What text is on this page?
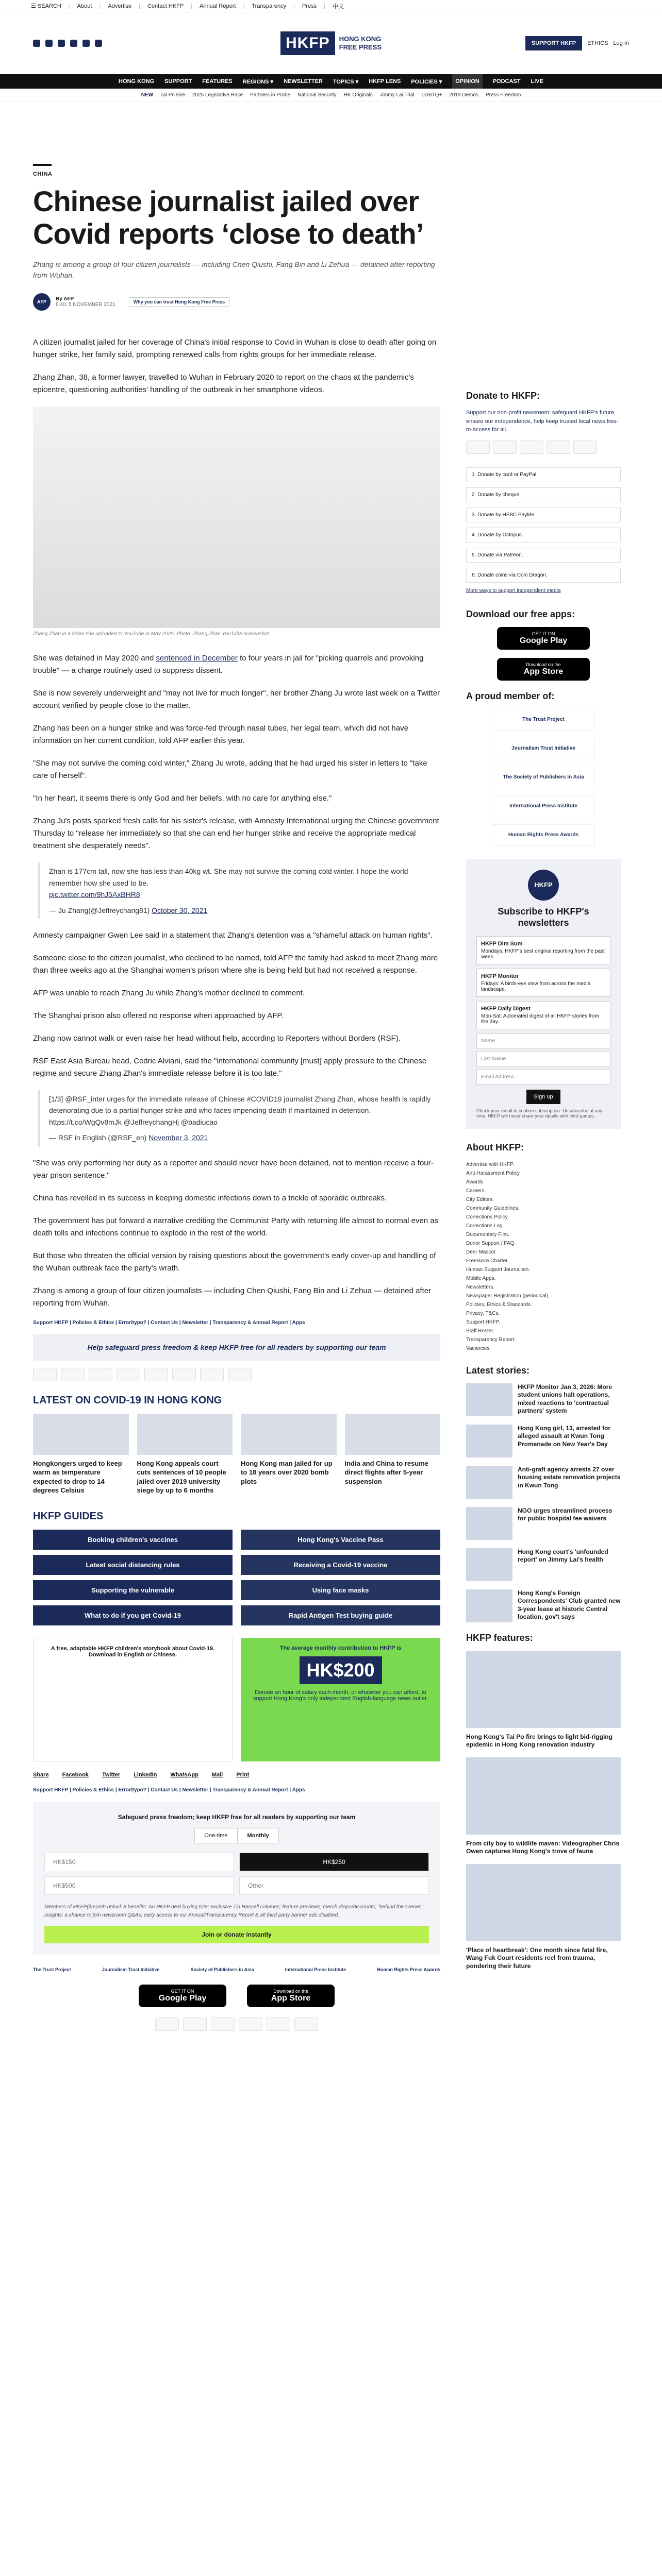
☰ SEARCH | About | Advertise | Contact HKFP | Annual Report | Transparency | Press | 中文
HKFP	HONG KONG
FREE PRESS	SUPPORT HKFP	ETHICS Log In
HONG KONG SUPPORT FEATURES REGIONS ▾ NEWSLETTER TOPICS ▾ HKFP LENS POLICIES ▾	OPINION	PODCAST LIVE
NEW Tai Po Fire 2025 Legislative Race Partners in Probe National Security HK Originals Jimmy Lai Trial LGBTQ+ 2019 Demos Press Freedom
CHINA
Chinese journalist jailed over Covid reports ‘close to death’

Zhang is among a group of four citizen journalists — including Chen Qiushi, Fang Bin and Li Zehua — detained after reporting from Wuhan.

AFP	By AFP
8:40, 5 NOVEMBER 2021	Why you can trust Hong Kong Free Press

A citizen journalist jailed for her coverage of China's initial response to Covid in Wuhan is close to death after going on hunger strike, her family said, prompting renewed calls from rights groups for her immediate release.

Zhang Zhan, 38, a former lawyer, travelled to Wuhan in February 2020 to report on the chaos at the pandemic's epicentre, questioning authorities' handling of the outbreak in her smartphone videos.

Zhang Zhan in a video she uploaded to YouTube in May 2020. Photo: Zhang Zhan YouTube screenshot.

She was detained in May 2020 and sentenced in December to four years in jail for "picking quarrels and provoking trouble" — a charge routinely used to suppress dissent.

She is now severely underweight and "may not live for much longer", her brother Zhang Ju wrote last week on a Twitter account verified by people close to the matter.

Zhang has been on a hunger strike and was force-fed through nasal tubes, her legal team, which did not have information on her current condition, told AFP earlier this year.

"She may not survive the coming cold winter," Zhang Ju wrote, adding that he had urged his sister in letters to "take care of herself".

"In her heart, it seems there is only God and her beliefs, with no care for anything else."

Zhang Ju's posts sparked fresh calls for his sister's release, with Amnesty International urging the Chinese government Thursday to "release her immediately so that she can end her hunger strike and receive the appropriate medical treatment she desperately needs".

Zhan is 177cm tall, now she has less than 40kg wt. She may not survive the coming cold winter. I hope the world remember how she used to be.
pic.twitter.com/9hJ5AxBHR8
— Ju Zhang(@Jeffreychang81) October 30, 2021

Amnesty campaigner Gwen Lee said in a statement that Zhang's detention was a "shameful attack on human rights".

Someone close to the citizen journalist, who declined to be named, told AFP the family had asked to meet Zhang more than three weeks ago at the Shanghai women's prison where she is being held but had not received a response.

AFP was unable to reach Zhang Ju while Zhang's mother declined to comment.

The Shanghai prison also offered no response when approached by AFP.

Zhang now cannot walk or even raise her head without help, according to Reporters without Borders (RSF).

RSF East Asia Bureau head, Cedric Alviani, said the "international community [must] apply pressure to the Chinese regime and secure Zhang Zhan's immediate release before it is too late."

[1/3] @RSF_inter urges for the immediate release of Chinese #COVID19 journalist Zhang Zhan, whose health is rapidly deteriorating due to a partial hunger strike and who faces impending death if maintained in detention. https://t.co/WgQv8mJk @JeffreychangHj @badiucao
— RSF in English (@RSF_en) November 3, 2021

"She was only performing her duty as a reporter and should never have been detained, not to mention receive a four-year prison sentence."

China has revelled in its success in keeping domestic infections down to a trickle of sporadic outbreaks.

The government has put forward a narrative crediting the Communist Party with returning life almost to normal even as death tolls and infections continue to explode in the rest of the world.

But those who threaten the official version by raising questions about the government's early cover-up and handling of the Wuhan outbreak face the party's wrath.

Zhang is among a group of four citizen journalists — including Chen Qiushi, Fang Bin and Li Zehua — detained after reporting from Wuhan.

Support HKFP | Policies & Ethics | Error/typo? | Contact Us | Newsletter | Transparency & Annual Report | Apps
Help safeguard press freedom & keep HKFP free for all readers by supporting our team
LATEST ON COVID-19 IN HONG KONG
Hongkongers urged to keep warm as temperature expected to drop to 14 degrees Celsius
Hong Kong appeals court cuts sentences of 10 people jailed over 2019 university siege by up to 6 months
Hong Kong man jailed for up to 18 years over 2020 bomb plots
India and China to resume direct flights after 5-year suspension
HKFP GUIDES
Booking children's vaccines	Hong Kong's Vaccine Pass
Latest social distancing rules	Receiving a Covid-19 vaccine
Supporting the vulnerable	Using face masks
What to do if you get Covid-19	Rapid Antigen Test buying guide
A free, adaptable HKFP children's storybook about Covid-19. Download in English or Chinese.
The average monthly contribution to HKFP is
HK$200
Donate an hour of salary each month, or whatever you can afford, to support Hong Kong's only independent English-language news outlet.
Share Facebook Twitter LinkedIn WhatsApp Mail Print
Support HKFP | Policies & Ethics | Error/typo? | Contact Us | Newsletter | Transparency & Annual Report | Apps
Safeguard press freedom; keep HKFP free for all readers by supporting our team
One-time	Monthly
HK$150	HK$250
HK$500	Other
Members of HKFP($month unlock 8 benefits: An HKFP deal buying tote; exclusive Tin Hansell columns; feature previews; merch drops/discounts; "behind the scenes" insights; a chance to join newsroom Q&As; early access to our Annual/Transparency Report & all third-party banner ads disabled.
Join or donate instantly
The Trust Project	Journalism Trust Initiative	Society of Publishers in Asia	International Press Institute	Human Rights Press Awards
GET IT ON
Google Play
Download on the
App Store
Donate to HKFP:
Support our non-profit newsroom: safeguard HKFP's future, ensure our independence, help keep trusted local news free-to-access for all.
1. Donate by card or PayPal.
2. Donate by cheque.
3. Donate by HSBC PayMe.
4. Donate by Octopus.
5. Donate via Patreon.
6. Donate coins via Coin Dragon.
More ways to support independent media
Download our free apps:
GET IT ON
Google Play
Download on the
App Store
A proud member of:
The Trust Project
Journalism Trust Initiative
The Society of Publishers in Asia
International Press Institute
Human Rights Press Awards
HKFP
Subscribe to HKFP's newsletters
HKFP Dim Sum
Mondays: HKFP's best original reporting from the past week.
HKFP Monitor
Fridays: A birds-eye view from across the media landscape.
HKFP Daily Digest
Mon-Sat: Automated digest of all HKFP stories from the day.
Name Last Name Email Address Sign up
Check your email to confirm subscription. Unsubscribe at any time. HKFP will never share your details with third parties.
About HKFP:
Advertise with HKFP.
Anti-Harassment Policy.
Awards.
Careers.
City Editors.
Community Guidelines.
Corrections Policy.
Corrections Log.
Documentary Film.
Donor Support / FAQ.
Deer Mascot.
Freelance Charter.
Human Support Journalism.
Mobile Apps.
Newsletters.
Newspaper Registration (periodical).
Policies, Ethics & Standards.
Privacy, T&Cs.
Support HKFP.
Staff Roster.
Transparency Report.
Vacancies.
Latest stories:
HKFP Monitor Jan 3, 2026: More student unions halt operations, mixed reactions to 'contractual partners' system
Hong Kong girl, 13, arrested for alleged assault at Kwun Tong Promenade on New Year's Day
Anti-graft agency arrests 27 over housing estate renovation projects in Kwun Tong
NGO urges streamlined process for public hospital fee waivers
Hong Kong court's 'unfounded report' on Jimmy Lai's health
Hong Kong's Foreign Correspondents' Club granted new 3-year lease at historic Central location, gov't says
HKFP features:
Hong Kong's Tai Po fire brings to light bid-rigging epidemic in Hong Kong renovation industry
From city boy to wildlife maven: Videographer Chris Owen captures Hong Kong's trove of fauna
'Place of heartbreak': One month since fatal fire, Wang Fuk Court residents reel from trauma, pondering their future
